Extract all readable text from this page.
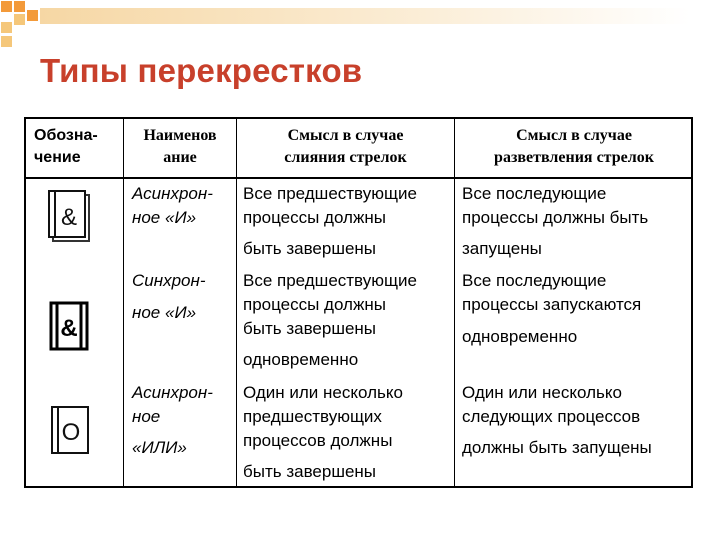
Типы перекрестков
Обозна-
чение
Наименов
ание
Смысл в случае
слияния стрелок
Смысл в случае
разветвления стрелок
&
&
O
Асинхрон-
ное «И»
Все предшествующие
процессы должны
быть завершены
Все последующие
процессы должны быть
запущены
Синхрон-
ное «И»
Все предшествующие
процессы должны
быть завершены
одновременно
Все последующие
процессы запускаются
одновременно
Асинхрон-
ное
«ИЛИ»
Один или несколько
предшествующих
процессов должны
быть завершены
Один или несколько
следующих процессов
должны быть запущены
